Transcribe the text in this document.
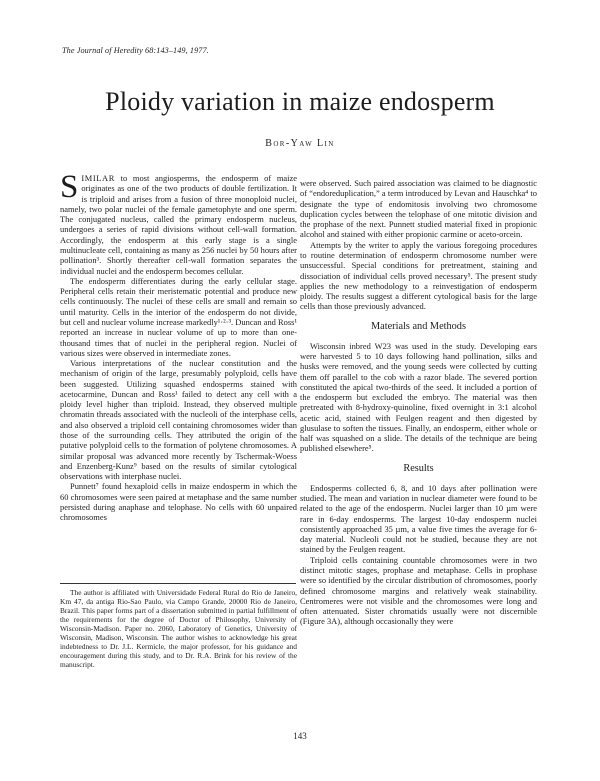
The Journal of Heredity 68:143–149, 1977.
Ploidy variation in maize endosperm
Bor-Yaw Lin

SIMILAR to most angiosperms, the endosperm of maize originates as one of the two products of double fertilization. It is triploid and arises from a fusion of three monoploid nuclei, namely, two polar nuclei of the female gametophyte and one sperm. The conjugated nucleus, called the primary endosperm nucleus, undergoes a series of rapid divisions without cell-wall formation. Accordingly, the endosperm at this early stage is a single multinucleate cell, containing as many as 256 nuclei by 50 hours after pollination³. Shortly thereafter cell-wall formation separates the individual nuclei and the endosperm becomes cellular.

The endosperm differentiates during the early cellular stage. Peripheral cells retain their meristematic potential and produce new cells continuously. The nuclei of these cells are small and remain so until maturity. Cells in the interior of the endosperm do not divide, but cell and nuclear volume increase markedly¹·²·³. Duncan and Ross¹ reported an increase in nuclear volume of up to more than one-thousand times that of nuclei in the peripheral region. Nuclei of various sizes were observed in intermediate zones.

Various interpretations of the nuclear constitution and the mechanism of origin of the large, presumably polyploid, cells have been suggested. Utilizing squashed endosperms stained with acetocarmine, Duncan and Ross¹ failed to detect any cell with a ploidy level higher than triploid. Instead, they observed multiple chromatin threads associated with the nucleoli of the interphase cells, and also observed a triploid cell containing chromosomes wider than those of the surrounding cells. They attributed the origin of the putative polyploid cells to the formation of polytene chromosomes. A similar proposal was advanced more recently by Tschermak-Woess and Enzenberg-Kunz⁹ based on the results of similar cytological observations with interphase nuclei.

Punnett⁷ found hexaploid cells in maize endosperm in which the 60 chromosomes were seen paired at metaphase and the same number persisted during anaphase and telophase. No cells with 60 unpaired chromosomes

The author is affiliated with Universidade Federal Rural do Rio de Janeiro, Km 47, da antiga Rio-Sao Paulo, via Campo Grande, 20000 Rio de Janeiro, Brazil. This paper forms part of a dissertation submitted in partial fulfillment of the requirements for the degree of Doctor of Philosophy, University of Wisconsin-Madison. Paper no. 2060, Laboratory of Genetics, University of Wisconsin, Madison, Wisconsin. The author wishes to acknowledge his great indebtedness to Dr. J.L. Kermicle, the major professor, for his guidance and encouragement during this study, and to Dr. R.A. Brink for his review of the manuscript.

were observed. Such paired association was claimed to be diagnostic of “endoreduplication,” a term introduced by Levan and Hauschka⁴ to designate the type of endomitosis involving two chromosome duplication cycles between the telophase of one mitotic division and the prophase of the next. Punnett studied material fixed in propionic alcohol and stained with either propionic carmine or aceto-orcein.

Attempts by the writer to apply the various foregoing procedures to routine determination of endosperm chromosome number were unsuccessful. Special conditions for pretreatment, staining and dissociation of individual cells proved necessary⁵. The present study applies the new methodology to a reinvestigation of endosperm ploidy. The results suggest a different cytological basis for the large cells than those previously advanced.

Materials and Methods

Wisconsin inbred W23 was used in the study. Developing ears were harvested 5 to 10 days following hand pollination, silks and husks were removed, and the young seeds were collected by cutting them off parallel to the cob with a razor blade. The severed portion constituted the apical two-thirds of the seed. It included a portion of the endosperm but excluded the embryo. The material was then pretreated with 8-hydroxy-quinoline, fixed overnight in 3:1 alcohol acetic acid, stained with Feulgen reagent and then digested by glusulase to soften the tissues. Finally, an endosperm, either whole or half was squashed on a slide. The details of the technique are being published elsewhere⁵.

Results

Endosperms collected 6, 8, and 10 days after pollination were studied. The mean and variation in nuclear diameter were found to be related to the age of the endosperm. Nuclei larger than 10 µm were rare in 6-day endosperms. The largest 10-day endosperm nuclei consistently approached 35 µm, a value five times the average for 6-day material. Nucleoli could not be studied, because they are not stained by the Feulgen reagent.

Triploid cells containing countable chromosomes were in two distinct mitotic stages, prophase and metaphase. Cells in prophase were so identified by the circular distribution of chromosomes, poorly defined chromosome margins and relatively weak stainability. Centromeres were not visible and the chromosomes were long and often attenuated. Sister chromatids usually were not discernible (Figure 3A), although occasionally they were

143
